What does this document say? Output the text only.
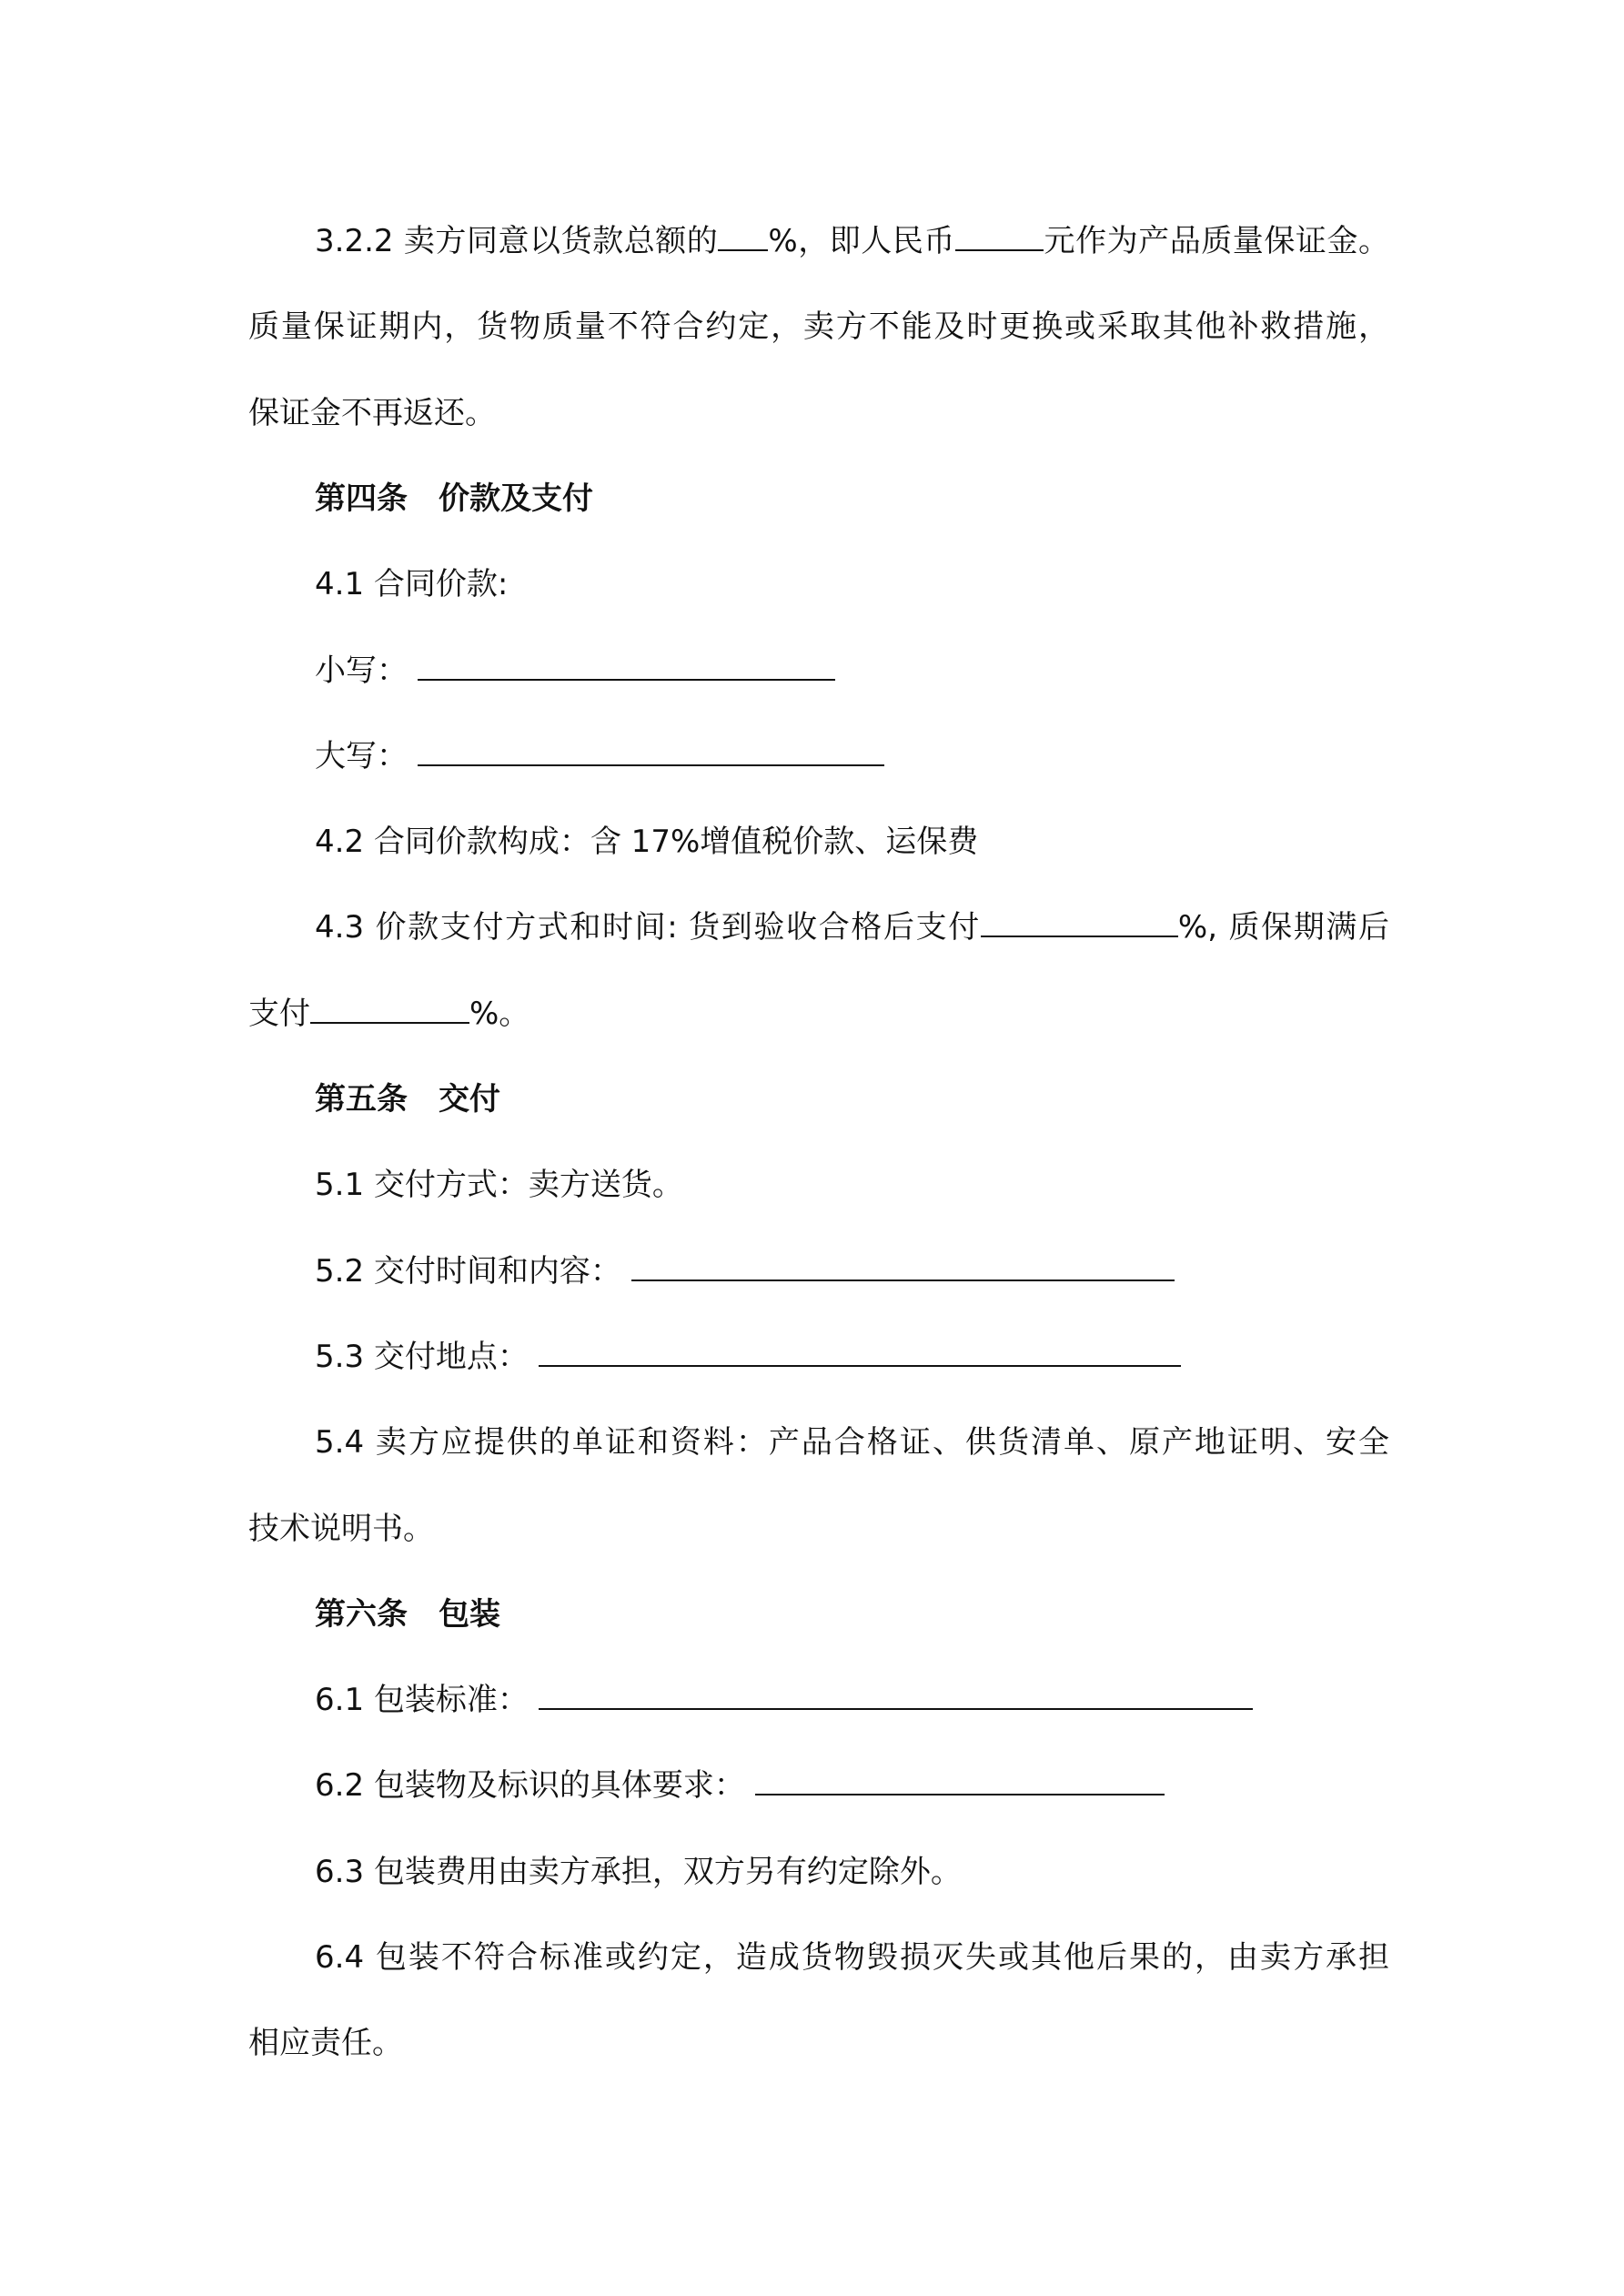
3.2.2 卖方同意以货款总额的 %，即人民币	元作为产品质量保证金。
质量保证期内，货物质量不符合约定，卖方不能及时更换或采取其他补救措施，
保证金不再返还。
第四条　价款及支付
4.1 合同价款:
小写：
大写：
4.2 合同价款构成：含 17%增值税价款、运保费
4.3 价款支付方式和时间: 货到验收合格后支付	%, 质保期满后
支付	%。
第五条　交付
5.1 交付方式：卖方送货。
5.2 交付时间和内容：
5.3 交付地点：
5.4 卖方应提供的单证和资料：产品合格证、供货清单、原产地证明、安全
技术说明书。
第六条　包装
6.1 包装标准：
6.2 包装物及标识的具体要求：
6.3 包装费用由卖方承担，双方另有约定除外。
6.4 包装不符合标准或约定，造成货物毁损灭失或其他后果的，由卖方承担
相应责任。
